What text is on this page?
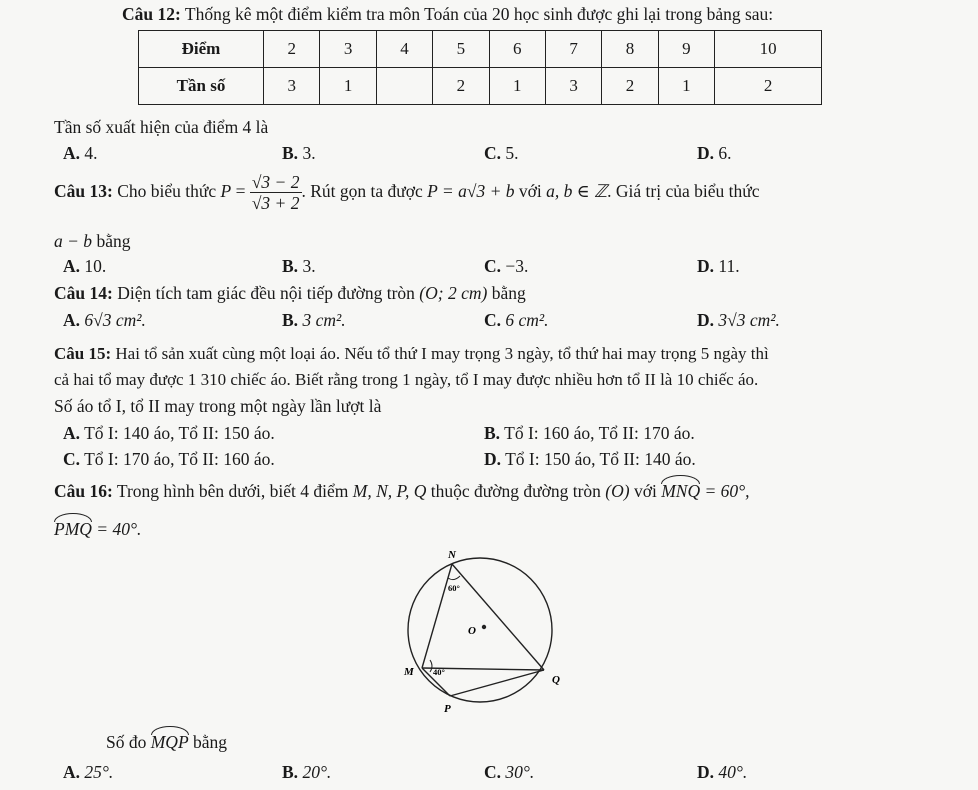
Câu 12: Thống kê một điểm kiểm tra môn Toán của 20 học sinh được ghi lại trong bảng sau:
Điểm	2	3	4	5	6	7	8	9	10
Tần số	3	1		2	1	3	2	1	2
Tần số xuất hiện của điểm 4 là
A. 4.	B. 3.	C. 5.	D. 6.
Câu 13: Cho biểu thức $P = \frac{√3 - 2}{√3 + 2}$ . Rút gọn ta được P = a√3 + b với a, b ∈ ℤ. Giá trị của biểu thức
a − b bằng
A. 10.	B. 3.	C. −3.	D. 11.
Câu 14: Diện tích tam giác đều nội tiếp đường tròn (O; 2 cm) bằng
A. 6√3 cm².	B. 3 cm².	C. 6 cm².	D. 3√3 cm².
Câu 15: Hai tổ sản xuất cùng một loại áo. Nếu tổ thứ I may trọng 3 ngày, tổ thứ hai may trọng 5 ngày thì
cả hai tổ may được 1 310 chiếc áo. Biết rằng trong 1 ngày, tổ I may được nhiều hơn tổ II là 10 chiếc áo.
Số áo tổ I, tổ II may trong một ngày lần lượt là
A. Tổ I: 140 áo, Tổ II: 150 áo.	B. Tổ I: 160 áo, Tổ II: 170 áo.
C. Tổ I: 170 áo, Tổ II: 160 áo.	D. Tổ I: 150 áo, Tổ II: 140 áo.
Câu 16: Trong hình bên dưới, biết 4 điểm M, N, P, Q thuộc đường đường tròn (O) với MNQ = 60°,
PMQ = 40°.
N
M
Q
P
O
60°
40°
Số đo MQP bằng
A. 25°.	B. 20°.	C. 30°.	D. 40°.
